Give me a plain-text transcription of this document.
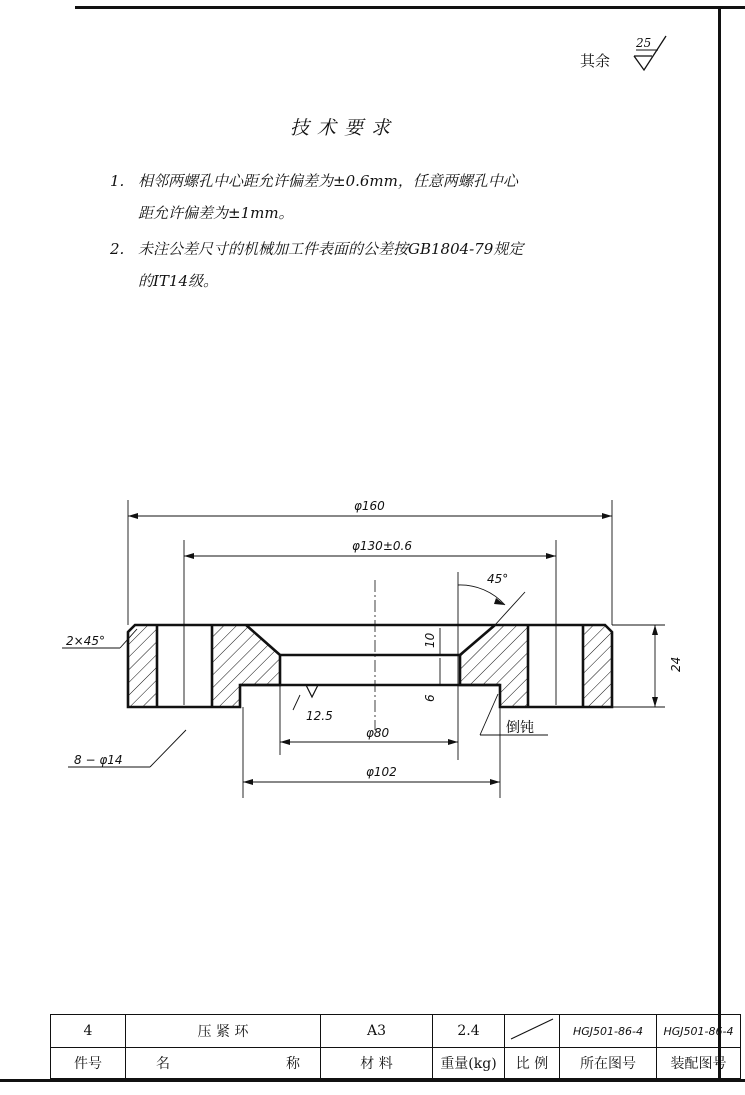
其余
25
技术要求
1. 相邻两螺孔中心距允许偏差为±0.6mm，任意两螺孔中心
距允许偏差为±1mm。
2. 未注公差尺寸的机械加工件表面的公差按GB1804-79规定
的IT14级。
φ160
φ130±0.6
45°
2×45°	10
6
24
12.5
φ80
φ102
8 − φ14
倒钝
4	压 紧 环		A3	2.4		HGJ501-86-4	HGJ501-86-4
件号	名	称	材 料	重量(kg)	比 例	所在图号	装配图号
